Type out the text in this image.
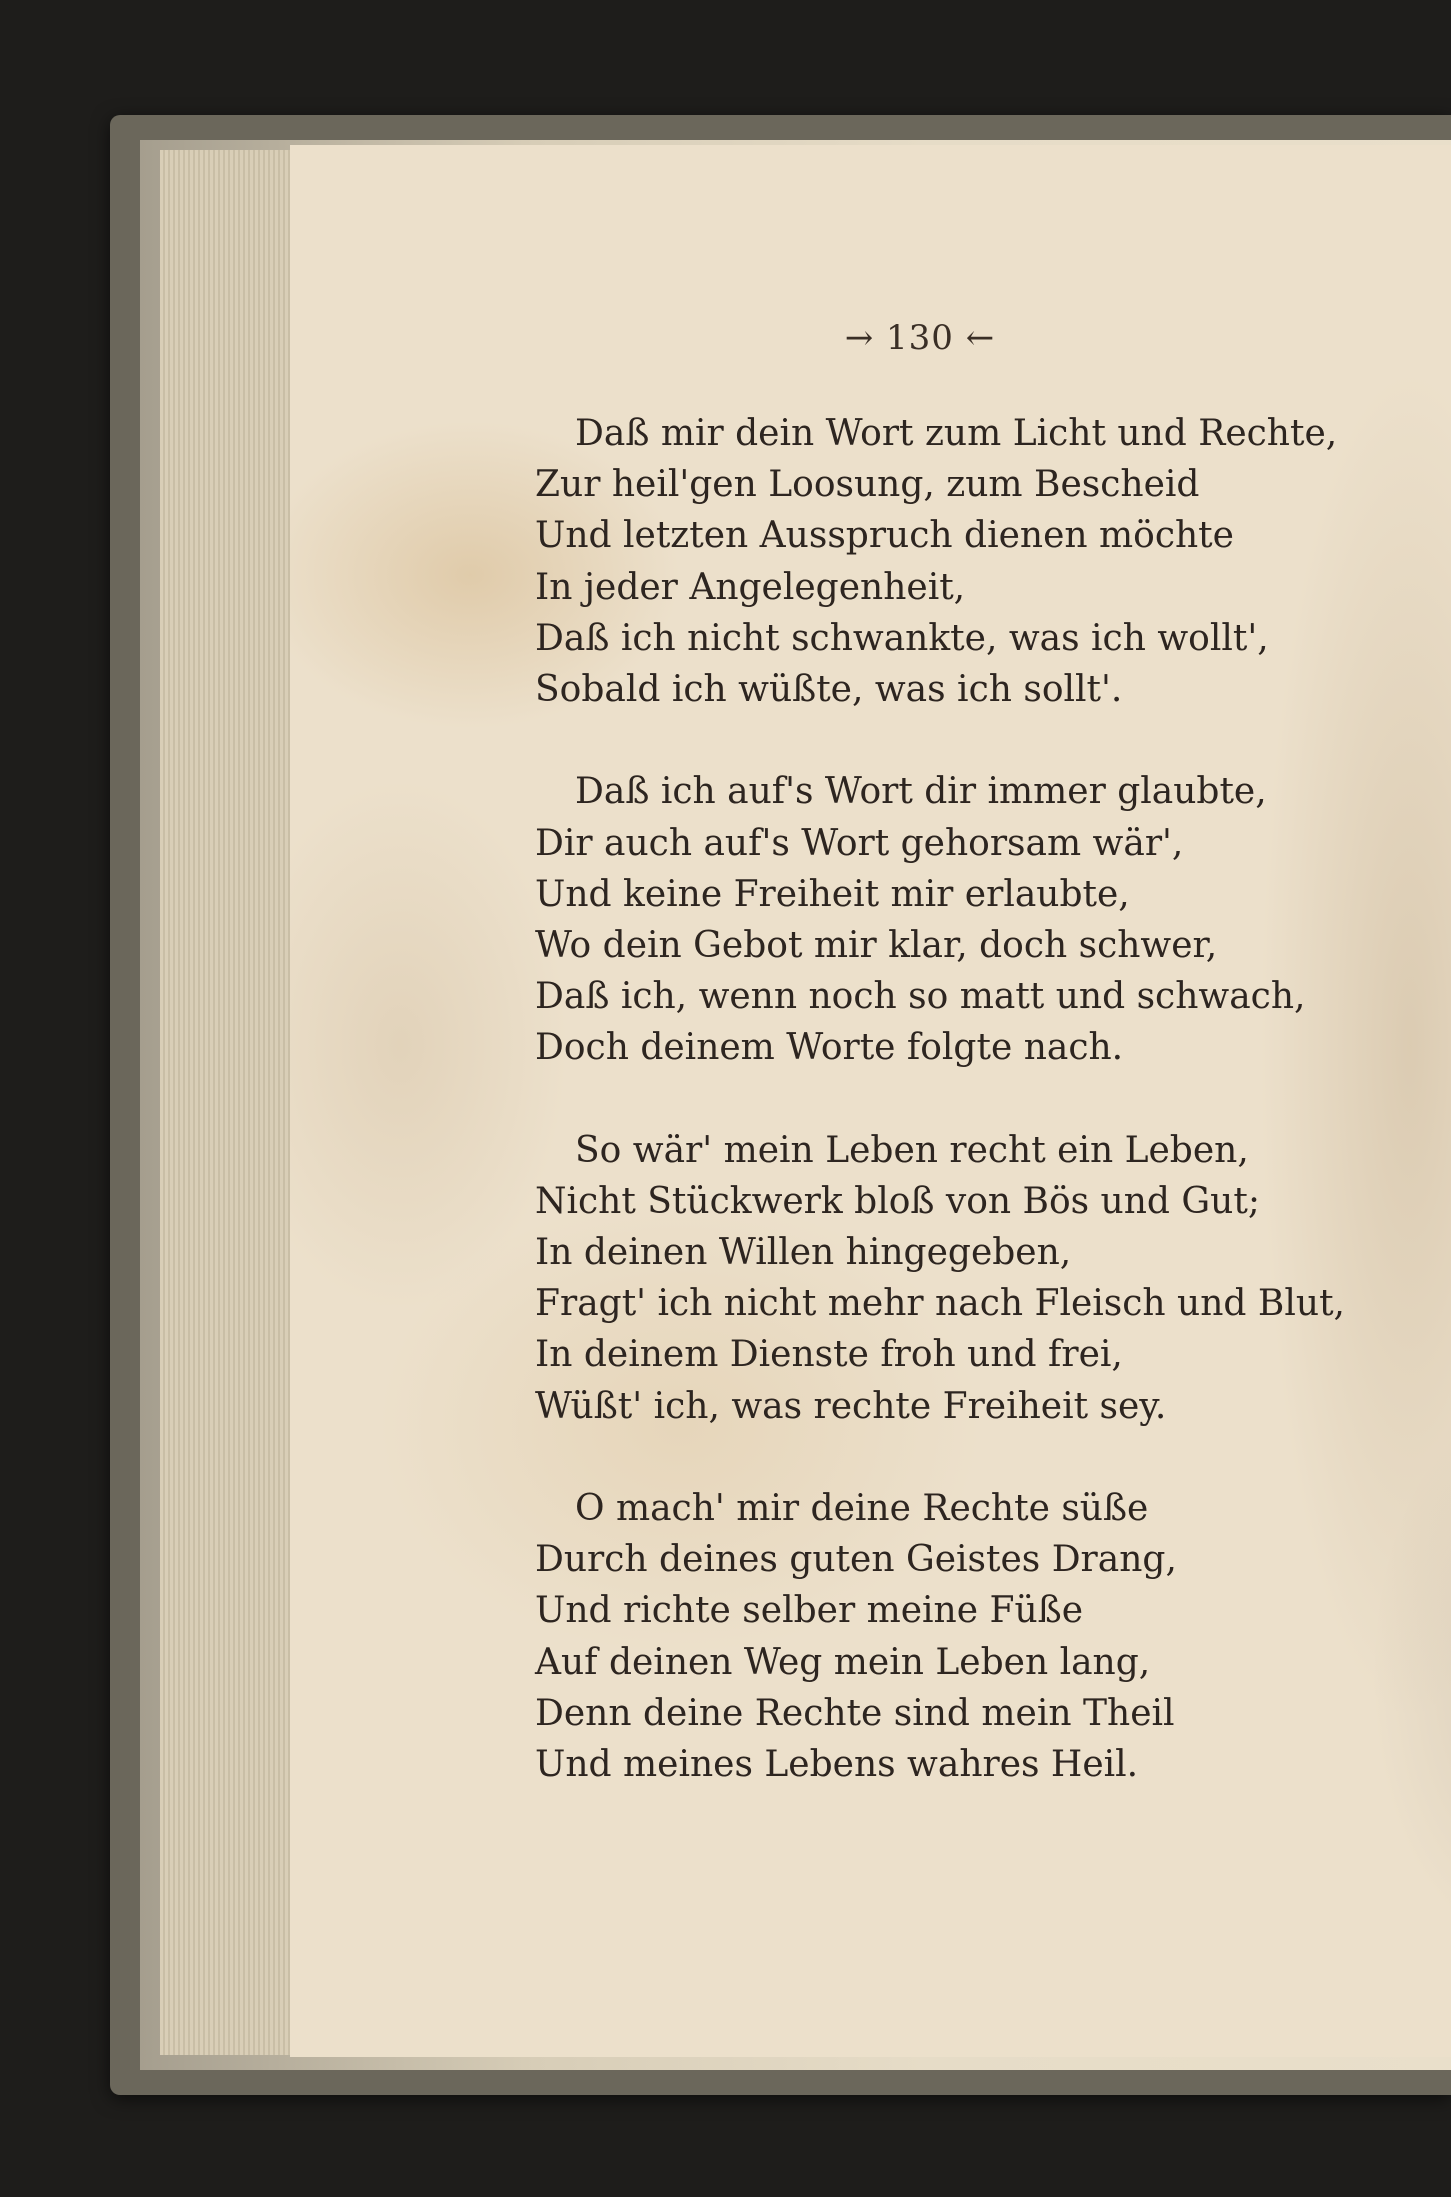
→ 130 ←
Daß mir dein Wort zum Licht und Rechte,
Zur heil'gen Loosung, zum Bescheid
Und letzten Ausspruch dienen möchte
In jeder Angelegenheit,
Daß ich nicht schwankte, was ich wollt',
Sobald ich wüßte, was ich sollt'.
Daß ich auf's Wort dir immer glaubte,
Dir auch auf's Wort gehorsam wär',
Und keine Freiheit mir erlaubte,
Wo dein Gebot mir klar, doch schwer,
Daß ich, wenn noch so matt und schwach,
Doch deinem Worte folgte nach.
So wär' mein Leben recht ein Leben,
Nicht Stückwerk bloß von Bös und Gut;
In deinen Willen hingegeben,
Fragt' ich nicht mehr nach Fleisch und Blut,
In deinem Dienste froh und frei,
Wüßt' ich, was rechte Freiheit sey.
O mach' mir deine Rechte süße
Durch deines guten Geistes Drang,
Und richte selber meine Füße
Auf deinen Weg mein Leben lang,
Denn deine Rechte sind mein Theil
Und meines Lebens wahres Heil.
